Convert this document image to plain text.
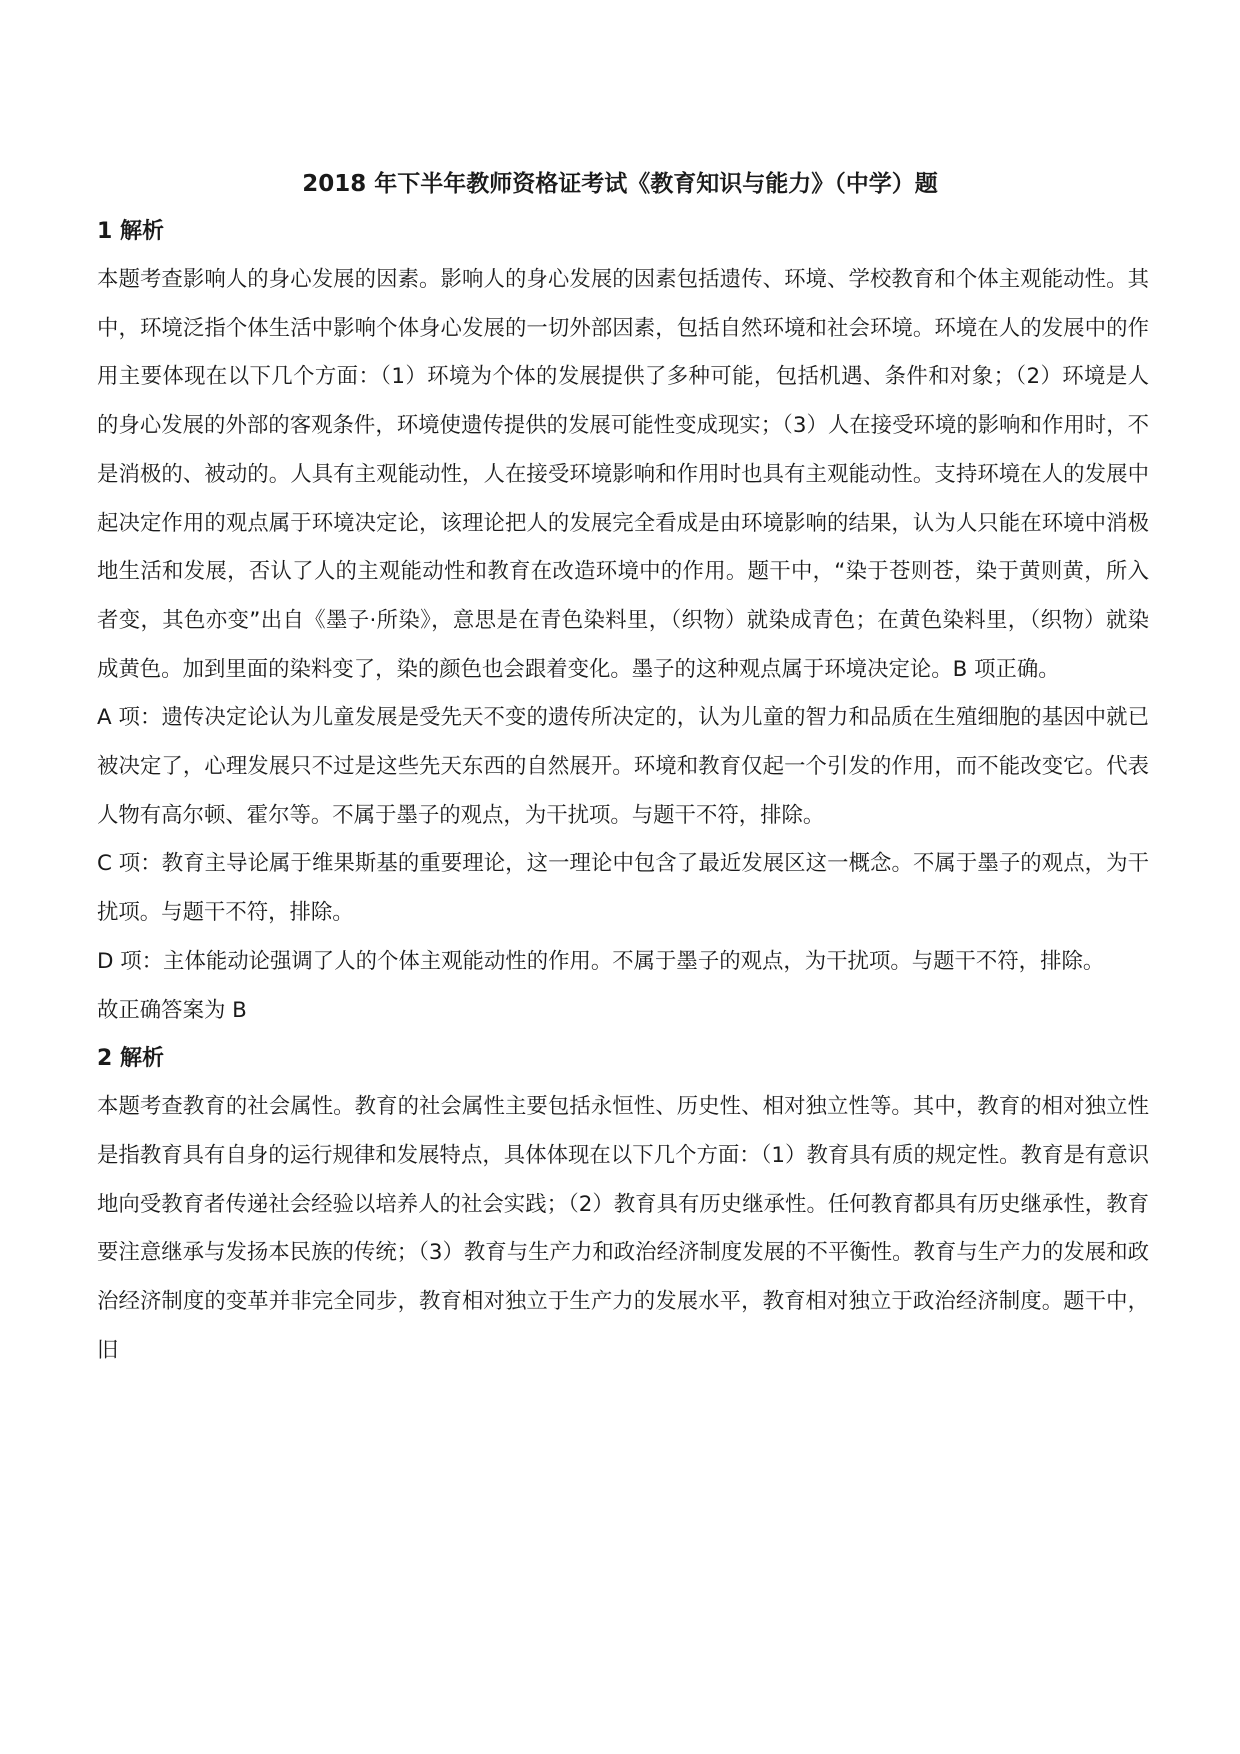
2018 年下半年教师资格证考试《教育知识与能力》（中学）题
1 解析

本题考查影响人的身心发展的因素。影响人的身心发展的因素包括遗传、环境、学校教育和个体主观能动性。其中，环境泛指个体生活中影响个体身心发展的一切外部因素，包括自然环境和社会环境。环境在人的发展中的作用主要体现在以下几个方面：（1）环境为个体的发展提供了多种可能，包括机遇、条件和对象；（2）环境是人的身心发展的外部的客观条件，环境使遗传提供的发展可能性变成现实；（3）人在接受环境的影响和作用时，不是消极的、被动的。人具有主观能动性，人在接受环境影响和作用时也具有主观能动性。支持环境在人的发展中起决定作用的观点属于环境决定论，该理论把人的发展完全看成是由环境影响的结果，认为人只能在环境中消极地生活和发展，否认了人的主观能动性和教育在改造环境中的作用。题干中，“染于苍则苍，染于黄则黄，所入者变，其色亦变”出自《墨子·所染》，意思是在青色染料里，（织物）就染成青色；在黄色染料里，（织物）就染成黄色。加到里面的染料变了，染的颜色也会跟着变化。墨子的这种观点属于环境决定论。B 项正确。

A 项：遗传决定论认为儿童发展是受先天不变的遗传所决定的，认为儿童的智力和品质在生殖细胞的基因中就已被决定了，心理发展只不过是这些先天东西的自然展开。环境和教育仅起一个引发的作用，而不能改变它。代表人物有高尔顿、霍尔等。不属于墨子的观点，为干扰项。与题干不符，排除。

C 项：教育主导论属于维果斯基的重要理论，这一理论中包含了最近发展区这一概念。不属于墨子的观点，为干扰项。与题干不符，排除。

D 项：主体能动论强调了人的个体主观能动性的作用。不属于墨子的观点，为干扰项。与题干不符，排除。

故正确答案为 B

2 解析

本题考查教育的社会属性。教育的社会属性主要包括永恒性、历史性、相对独立性等。其中，教育的相对独立性是指教育具有自身的运行规律和发展特点，具体体现在以下几个方面：（1）教育具有质的规定性。教育是有意识地向受教育者传递社会经验以培养人的社会实践；（2）教育具有历史继承性。任何教育都具有历史继承性，教育要注意继承与发扬本民族的传统；（3）教育与生产力和政治经济制度发展的不平衡性。教育与生产力的发展和政治经济制度的变革并非完全同步，教育相对独立于生产力的发展水平，教育相对独立于政治经济制度。题干中，旧
